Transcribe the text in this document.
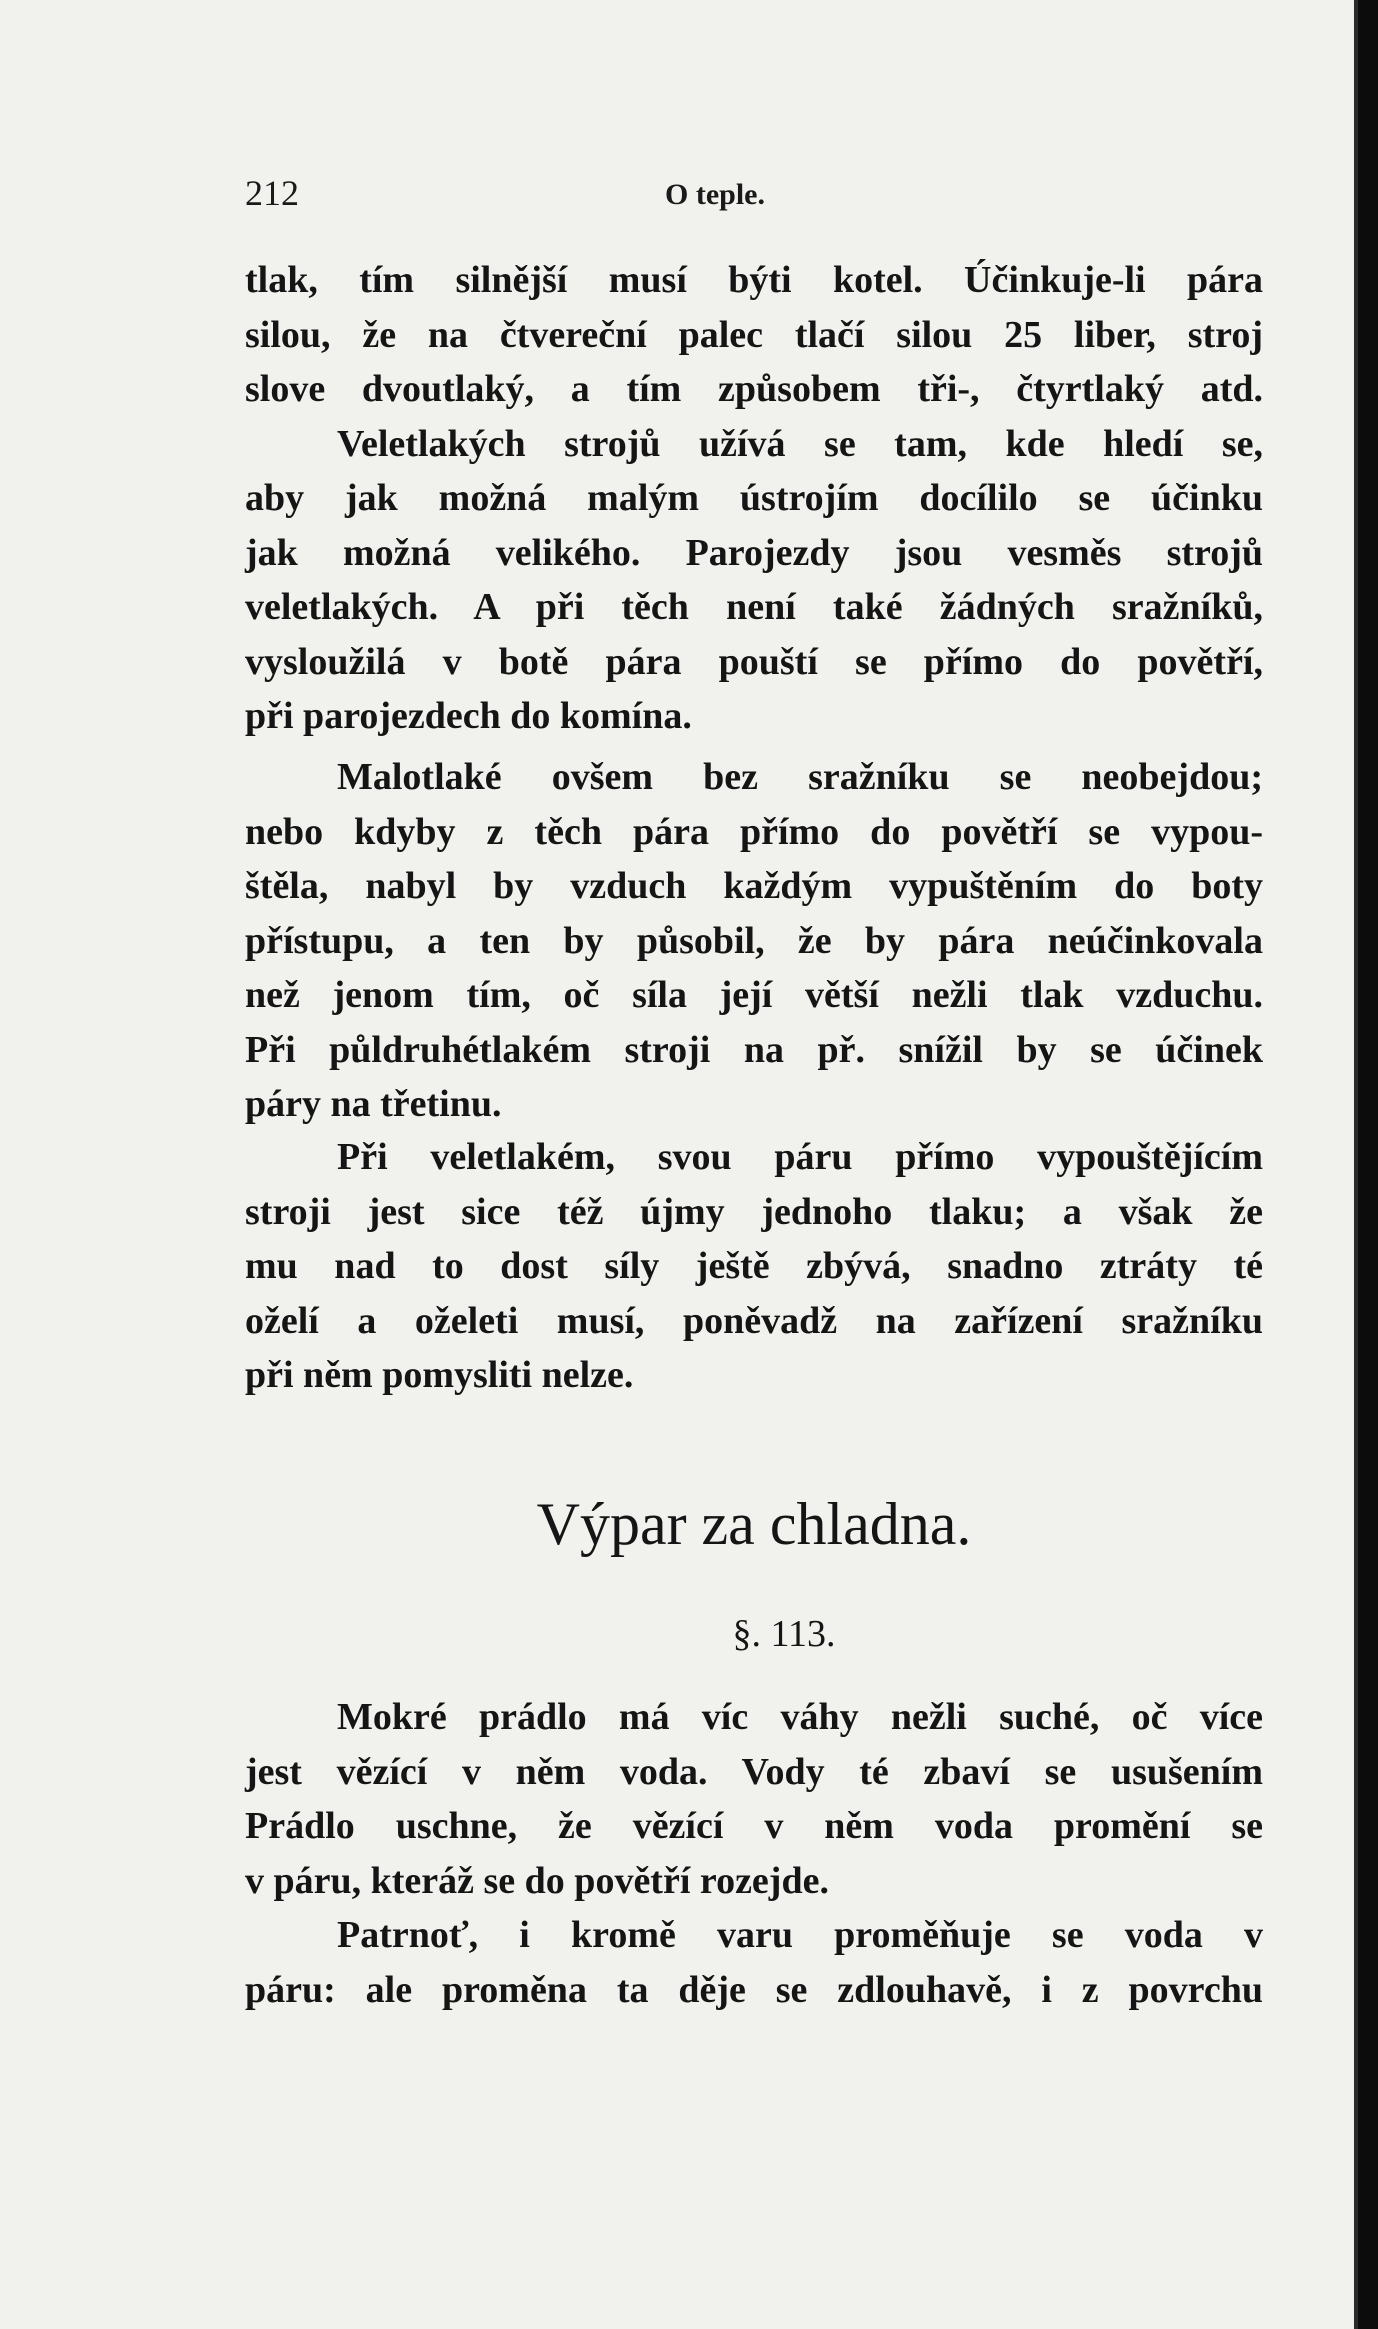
212	O teple.
tlak, tím silnější musí býti kotel. Účinkuje-li pára
silou, že na čtvereční palec tlačí silou 25 liber, stroj
slove dvoutlaký, a tím způsobem tři-, čtyrtlaký atd.
Veletlakých strojů užívá se tam, kde hledí se,
aby jak možná malým ústrojím docílilo se účinku
jak možná velikého. Parojezdy jsou vesměs strojů
veletlakých. A při těch není také žádných sražníků,
vysloužilá v botě pára pouští se přímo do povětří,
při parojezdech do komína.
Malotlaké ovšem bez sražníku se neobejdou;
nebo kdyby z těch pára přímo do povětří se vypou-
štěla, nabyl by vzduch každým vypuštěním do boty
přístupu, a ten by působil, že by pára neúčinkovala
než jenom tím, oč síla její větší nežli tlak vzduchu.
Při půldruhétlakém stroji na př. snížil by se účinek
páry na třetinu.
Při veletlakém, svou páru přímo vypouštějícím
stroji jest sice též újmy jednoho tlaku; a však že
mu nad to dost síly ještě zbývá, snadno ztráty té
oželí a oželeti musí, poněvadž na zařízení sražníku
při něm pomysliti nelze.
Výpar za chladna.
§. 113.
Mokré prádlo má víc váhy nežli suché, oč více
jest vězící v něm voda. Vody té zbaví se usušením
Prádlo uschne, že vězící v něm voda promění se
v páru, kteráž se do povětří rozejde.
Patrnoť, i kromě varu proměňuje se voda v
páru: ale proměna ta děje se zdlouhavě, i z povrchu
